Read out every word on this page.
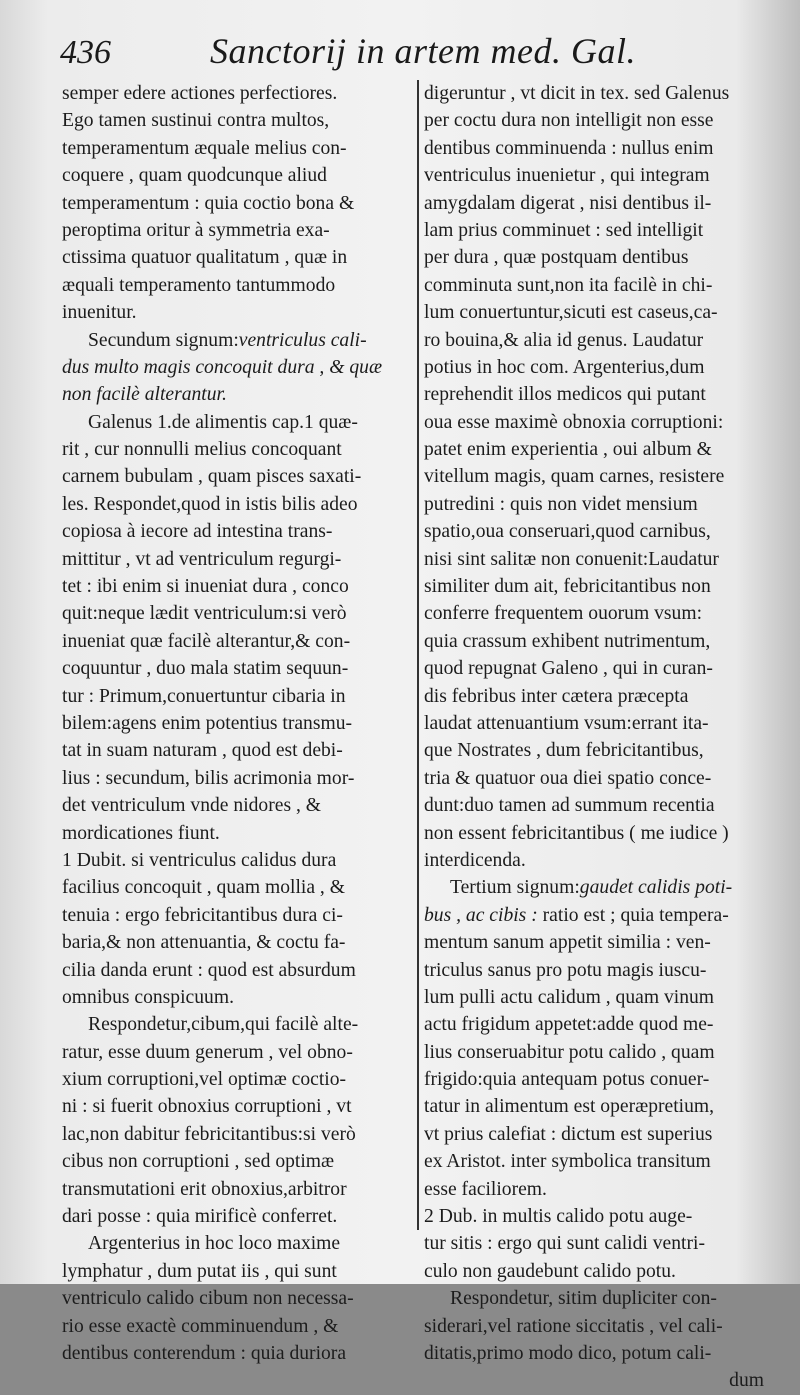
436	Sanctorij in artem med. Gal.
semper edere actiones perfectiores.
Ego tamen sustinui contra multos,
temperamentum æquale melius con-
coquere , quam quodcunque aliud
temperamentum : quia coctio bona &
peroptima oritur à symmetria exa-
ctissima quatuor qualitatum , quæ in
æquali temperamento tantummodo
inuenitur.
Secundum signum:ventriculus cali-
dus multo magis concoquit dura , & quæ
non facilè alterantur.
Galenus 1.de alimentis cap.1 quæ-
rit , cur nonnulli melius concoquant
carnem bubulam , quam pisces saxati-
les. Respondet,quod in istis bilis adeo
copiosa à iecore ad intestina trans-
mittitur , vt ad ventriculum regurgi-
tet : ibi enim si inueniat dura , conco
quit:neque lædit ventriculum:si verò
inueniat quæ facilè alterantur,& con-
coquuntur , duo mala statim sequun-
tur : Primum,conuertuntur cibaria in
bilem:agens enim potentius transmu-
tat in suam naturam , quod est debi-
lius : secundum, bilis acrimonia mor-
det ventriculum vnde nidores , &
mordicationes fiunt.
1 Dubit. si ventriculus calidus dura
facilius concoquit , quam mollia , &
tenuia : ergo febricitantibus dura ci-
baria,& non attenuantia, & coctu fa-
cilia danda erunt : quod est absurdum
omnibus conspicuum.
Respondetur,cibum,qui facilè alte-
ratur, esse duum generum , vel obno-
xium corruptioni,vel optimæ coctio-
ni : si fuerit obnoxius corruptioni , vt
lac,non dabitur febricitantibus:si verò
cibus non corruptioni , sed optimæ
transmutationi erit obnoxius,arbitror
dari posse : quia mirificè conferret.
Argenterius in hoc loco maxime
lymphatur , dum putat iis , qui sunt
ventriculo calido cibum non necessa-
rio esse exactè comminuendum , &
dentibus conterendum : quia duriora
digeruntur , vt dicit in tex. sed Galenus
per coctu dura non intelligit non esse
dentibus comminuenda : nullus enim
ventriculus inuenietur , qui integram
amygdalam digerat , nisi dentibus il-
lam prius comminuet : sed intelligit
per dura , quæ postquam dentibus
comminuta sunt,non ita facilè in chi-
lum conuertuntur,sicuti est caseus,ca-
ro bouina,& alia id genus. Laudatur
potius in hoc com. Argenterius,dum
reprehendit illos medicos qui putant
oua esse maximè obnoxia corruptioni:
patet enim experientia , oui album &
vitellum magis, quam carnes, resistere
putredini : quis non videt mensium
spatio,oua conseruari,quod carnibus,
nisi sint salitæ non conuenit:Laudatur
similiter dum ait, febricitantibus non
conferre frequentem ouorum vsum:
quia crassum exhibent nutrimentum,
quod repugnat Galeno , qui in curan-
dis febribus inter cætera præcepta
laudat attenuantium vsum:errant ita-
que Nostrates , dum febricitantibus,
tria & quatuor oua diei spatio conce-
dunt:duo tamen ad summum recentia
non essent febricitantibus ( me iudice )
interdicenda.
Tertium signum:gaudet calidis poti-
bus , ac cibis : ratio est ; quia tempera-
mentum sanum appetit similia : ven-
triculus sanus pro potu magis iuscu-
lum pulli actu calidum , quam vinum
actu frigidum appetet:adde quod me-
lius conseruabitur potu calido , quam
frigido:quia antequam potus conuer-
tatur in alimentum est operæpretium,
vt prius calefiat : dictum est superius
ex Aristot. inter symbolica transitum
esse faciliorem.
2 Dub. in multis calido potu auge-
tur sitis : ergo qui sunt calidi ventri-
culo non gaudebunt calido potu.
Respondetur, sitim dupliciter con-
siderari,vel ratione siccitatis , vel cali-
ditatis,primo modo dico, potum cali-
dum
